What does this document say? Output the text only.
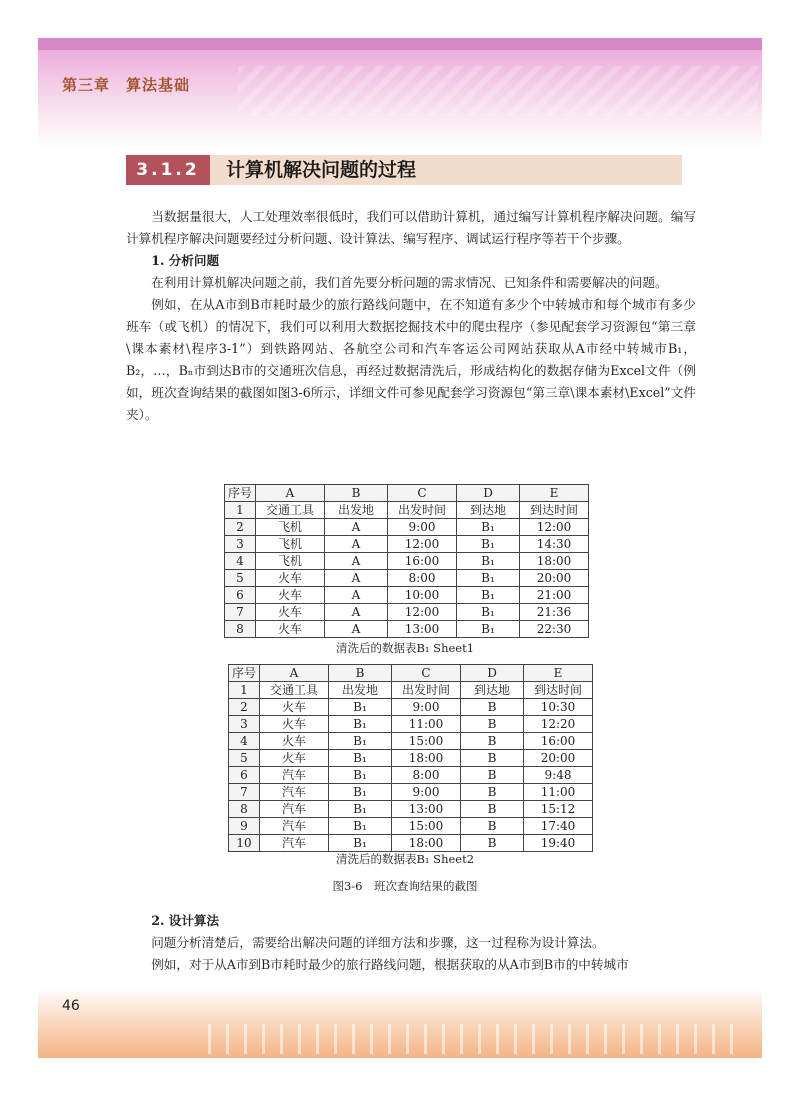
第三章　算法基础
3.1.2	计算机解决问题的过程
当数据量很大，人工处理效率很低时，我们可以借助计算机，通过编写计算机程序解决问题。编写计算机程序解决问题要经过分析问题、设计算法、编写程序、调试运行程序等若干个步骤。
1. 分析问题
在利用计算机解决问题之前，我们首先要分析问题的需求情况、已知条件和需要解决的问题。
例如，在从A市到B市耗时最少的旅行路线问题中，在不知道有多少个中转城市和每个城市有多少班车（或飞机）的情况下，我们可以利用大数据挖掘技术中的爬虫程序（参见配套学习资源包“第三章\课本素材\程序3-1”）到铁路网站、各航空公司和汽车客运公司网站获取从A市经中转城市B₁，B₂，…，Bₙ市到达B市的交通班次信息，再经过数据清洗后，形成结构化的数据存储为Excel文件（例如，班次查询结果的截图如图3-6所示，详细文件可参见配套学习资源包“第三章\课本素材\Excel”文件夹）。
序号	A	B	C	D	E
1	交通工具	出发地	出发时间	到达地	到达时间
2	飞机	A	9:00	B₁	12:00
3	飞机	A	12:00	B₁	14:30
4	飞机	A	16:00	B₁	18:00
5	火车	A	8:00	B₁	20:00
6	火车	A	10:00	B₁	21:00
7	火车	A	12:00	B₁	21:36
8	火车	A	13:00	B₁	22:30
清洗后的数据表B₁ Sheet1
序号	A	B	C	D	E
1	交通工具	出发地	出发时间	到达地	到达时间
2	火车	B₁	9:00	B	10:30
3	火车	B₁	11:00	B	12:20
4	火车	B₁	15:00	B	16:00
5	火车	B₁	18:00	B	20:00
6	汽车	B₁	8:00	B	9:48
7	汽车	B₁	9:00	B	11:00
8	汽车	B₁	13:00	B	15:12
9	汽车	B₁	15:00	B	17:40
10	汽车	B₁	18:00	B	19:40
清洗后的数据表B₁ Sheet2
图3-6　班次查询结果的截图
2. 设计算法
问题分析清楚后，需要给出解决问题的详细方法和步骤，这一过程称为设计算法。
例如，对于从A市到B市耗时最少的旅行路线问题，根据获取的从A市到B市的中转城市
46
